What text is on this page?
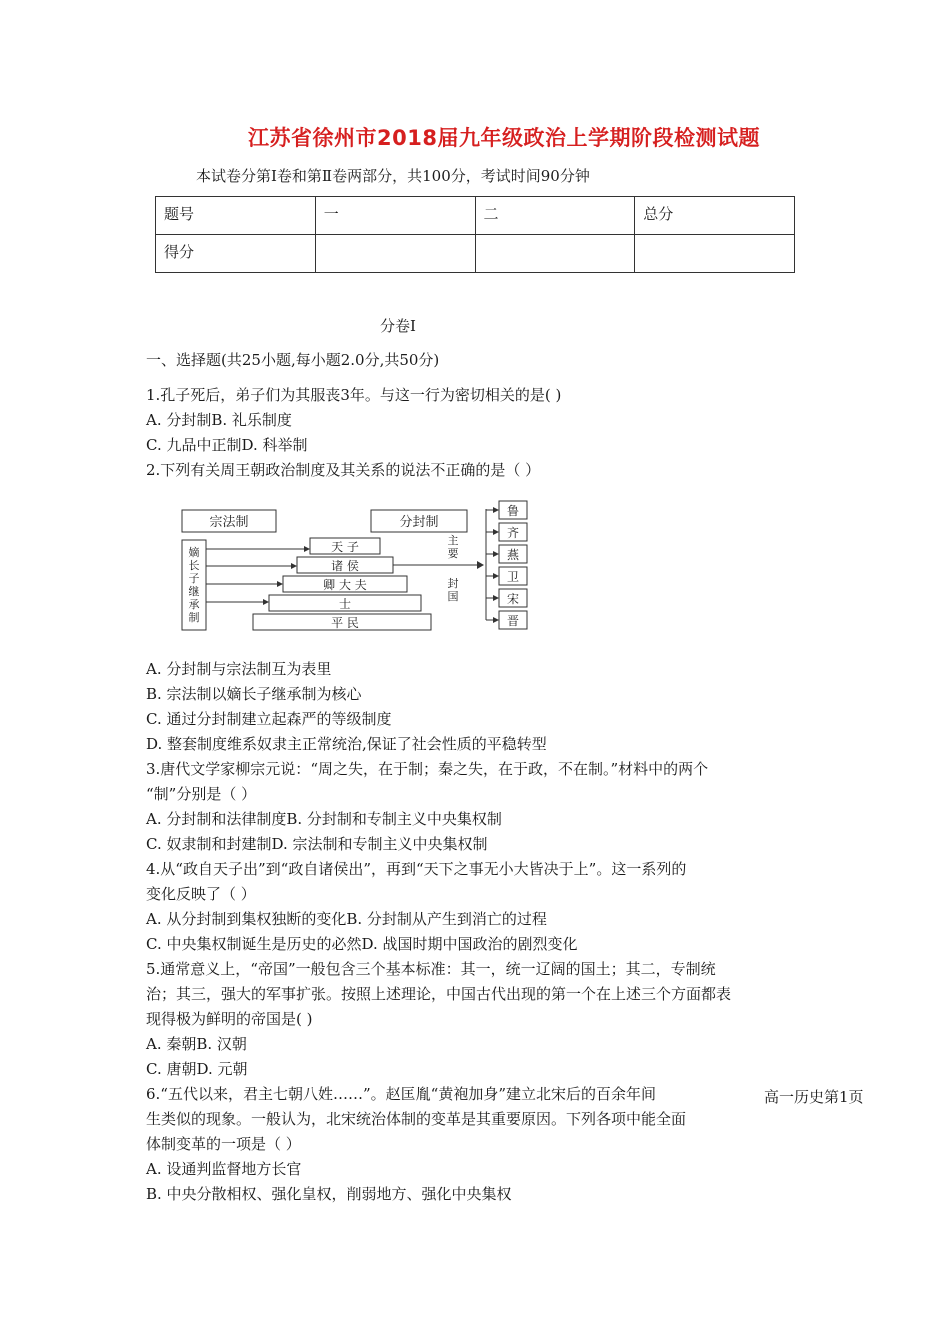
江苏省徐州市2018届九年级政治上学期阶段检测试题
本试卷分第Ⅰ卷和第Ⅱ卷两部分，共100分，考试时间90分钟
题号	一	二	总分
得分			
分卷I
一、选择题(共25小题,每小题2.0分,共50分)
1.孔子死后，弟子们为其服丧3年。与这一行为密切相关的是( )
A. 分封制B. 礼乐制度
C. 九品中正制D. 科举制
2.下列有关周王朝政治制度及其关系的说法不正确的是（ ）
宗法制	分封制
嫡长子继承制
天 子
诸 侯
卿 大 夫
士
平 民
主要封国
鲁
齐
燕
卫
宋
晋
A. 分封制与宗法制互为表里
B. 宗法制以嫡长子继承制为核心
C. 通过分封制建立起森严的等级制度
D. 整套制度维系奴隶主正常统治,保证了社会性质的平稳转型
3.唐代文学家柳宗元说：“周之失，在于制；秦之失，在于政，不在制。”材料中的两个
“制”分别是（ ）
A. 分封制和法律制度B. 分封制和专制主义中央集权制
C. 奴隶制和封建制D. 宗法制和专制主义中央集权制
4.从“政自天子出”到“政自诸侯出”，再到“天下之事无小大皆决于上”。这一系列的
变化反映了（ ）
A. 从分封制到集权独断的变化B. 分封制从产生到消亡的过程
C. 中央集权制诞生是历史的必然D. 战国时期中国政治的剧烈变化
5.通常意义上，“帝国”一般包含三个基本标准：其一，统一辽阔的国土；其二，专制统
治；其三，强大的军事扩张。按照上述理论，中国古代出现的第一个在上述三个方面都表
现得极为鲜明的帝国是( )
A. 秦朝B. 汉朝
C. 唐朝D. 元朝
6.“五代以来，君主七朝八姓……”。赵匡胤“黄袍加身”建立北宋后的百余年间
生类似的现象。一般认为，北宋统治体制的变革是其重要原因。下列各项中能全面
体制变革的一项是（ ）
A. 设通判监督地方长官
B. 中央分散相权、强化皇权，削弱地方、强化中央集权
高一历史第1页
